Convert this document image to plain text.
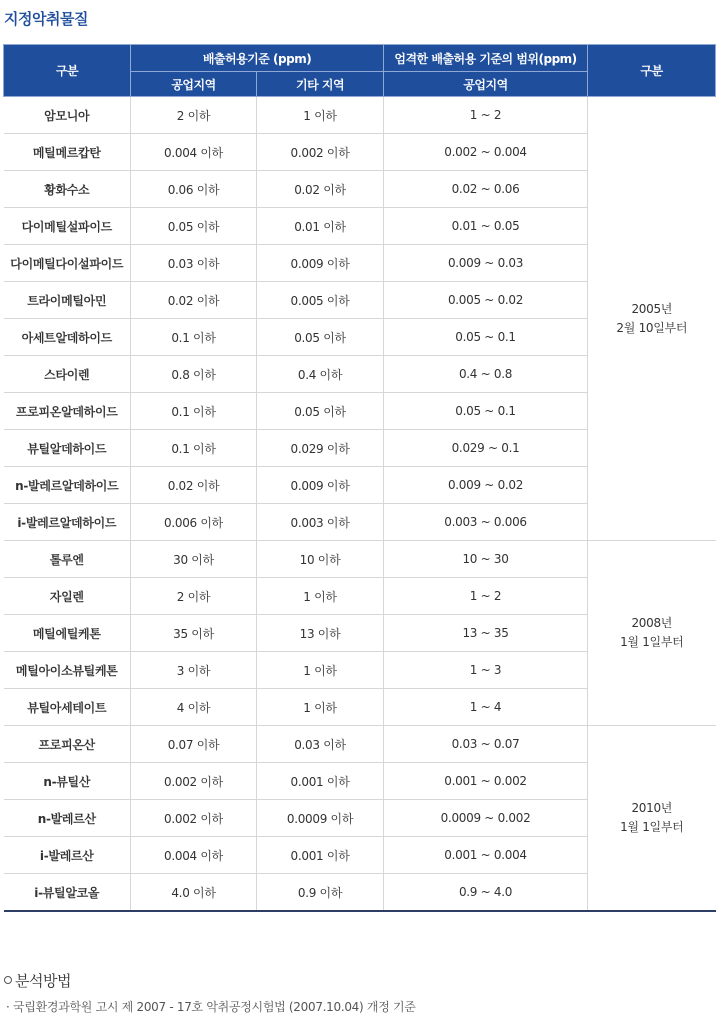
지정악취물질
구분	배출허용기준 (ppm)		엄격한 배출허용 기준의 범위(ppm)	구분
	공업지역	기타 지역	공업지역	
암모니아	2 이하	1 이하	1 ~ 2	2005년
2월 10일부터

메틸메르캅탄	0.004 이하	0.002 이하	0.002 ~ 0.004	
황화수소	0.06 이하	0.02 이하	0.02 ~ 0.06	
다이메틸설파이드	0.05 이하	0.01 이하	0.01 ~ 0.05	
다이메틸다이설파이드	0.03 이하	0.009 이하	0.009 ~ 0.03	
트라이메틸아민	0.02 이하	0.005 이하	0.005 ~ 0.02	
아세트알데하이드	0.1 이하	0.05 이하	0.05 ~ 0.1	
스타이렌	0.8 이하	0.4 이하	0.4 ~ 0.8	
프로피온알데하이드	0.1 이하	0.05 이하	0.05 ~ 0.1	
뷰틸알데하이드	0.1 이하	0.029 이하	0.029 ~ 0.1	
n-발레르알데하이드	0.02 이하	0.009 이하	0.009 ~ 0.02	
i-발레르알데하이드	0.006 이하	0.003 이하	0.003 ~ 0.006	
톨루엔	30 이하	10 이하	10 ~ 30	2008년
1월 1일부터

자일렌	2 이하	1 이하	1 ~ 2	
메틸에틸케톤	35 이하	13 이하	13 ~ 35	
메틸아이소뷰틸케톤	3 이하	1 이하	1 ~ 3	
뷰틸아세테이트	4 이하	1 이하	1 ~ 4	
프로피온산	0.07 이하	0.03 이하	0.03 ~ 0.07	2010년
1월 1일부터

n-뷰틸산	0.002 이하	0.001 이하	0.001 ~ 0.002	
n-발레르산	0.002 이하	0.0009 이하	0.0009 ~ 0.002	
i-발레르산	0.004 이하	0.001 이하	0.001 ~ 0.004	
i-뷰틸알코올	4.0 이하	0.9 이하	0.9 ~ 4.0	
분석방법
· 국립환경과학원 고시 제 2007 - 17호 악취공정시험법 (2007.10.04) 개정 기준
